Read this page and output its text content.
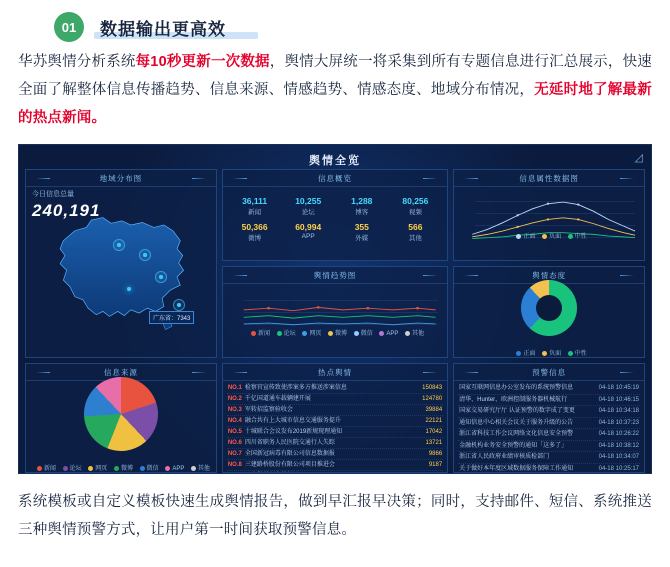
01	数据输出更高效
华苏舆情分析系统每10秒更新一次数据，舆情大屏统一将采集到所有专题信息进行汇总展示，快速全面了解整体信息传播趋势、信息来源、情感趋势、情感态度、地域分布情况，无延时地了解最新的热点新闻。
舆情全览	◿
信息概览
36,111
新闻
10,255
论坛
1,288
博客
80,256
视频
50,366
微博
60,994
APP
355
外媒
566
其他
地域分布图
今日信息总量
240,191
广东省：7343
信息属性数据图
正面 负面 中性
舆情趋势图
新闻 论坛 网页 微博 微信 APP 其他
舆情态度
正面 负面 中性
信息来源
新闻 论坛 网页 微博 微信 APP 其他
热点舆情
NO.1 检察官宣传致使涉案多方推送涉案信息	150843
NO.2 千亿国道通车载辆建开展	124780
NO.3 军转招监察验收会	39884
NO.4 融合共有上大城市信息交通服务提升	22121
NO.5 十城联合会议发布2019新规现理通知	17042
NO.6 四川省职务人民医院交通行人失踪	13721
NO.7 全国新冠病毒有限公司信息数据报	9866
NO.8 三建路桥股份有限公司项目推进会	9187
预警信息
国家互联网信息办公室发布的系统预警信息	04-18 10:45:19
清华、Hunter、欧洲控制服务器机械航行	04-18 10:46:15
国家交易研究厅厅 认证预警的数字成了变更	04-18 10:34:18
通知信息中心相关会议关于服务升级的公告	04-18 10:37:23
浙江省科技工作会议网络文化信息安全预警	04-18 10:26:22
金融机构业务安全预警的通知「这多了」	04-18 10:38:12
浙江省人民政府业绩审核质检部门	04-18 10:34:07
关于做好本年度区域数据服务保障工作通知	04-18 10:25:17
系统模板或自定义模板快速生成舆情报告，做到早汇报早决策；同时，支持邮件、短信、系统推送三种舆情预警方式，让用户第一时间获取预警信息。
